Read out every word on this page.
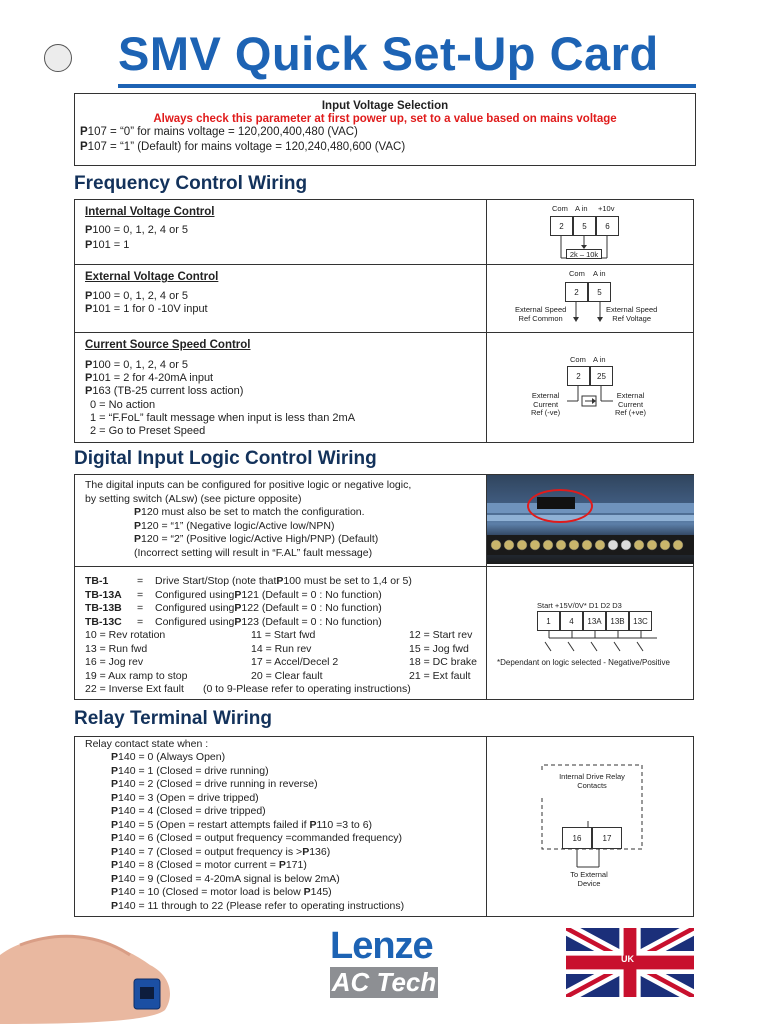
SMV Quick Set-Up Card
Input Voltage Selection
Always check this parameter at first power up, set to a value based on mains voltage
P107 = “0” for mains voltage = 120,200,400,480 (VAC)
P107 = “1” (Default) for mains voltage = 120,240,480,600 (VAC)
Frequency Control Wiring
Internal Voltage Control
P100 = 0, 1, 2, 4 or 5
P101 = 1
External Voltage Control
P100 = 0, 1, 2, 4 or 5
P101 = 1 for 0 -10V input
Current Source Speed Control
P100 = 0, 1, 2, 4 or 5
P101 = 2 for 4-20mA input
P163 (TB-25 current loss action)
0 = No action
1 = “F.FoL” fault message when input is less than 2mA
2 = Go to Preset Speed
Com A in +10v
2	5	6
2k – 10k
Com A in
2	5
External Speed
Ref Common
External Speed
Ref Voltage
Com A in
2	25
External
Current
Ref (-ve)
External
Current
Ref (+ve)
Digital Input Logic Control Wiring
The digital inputs can be configured for positive logic or negative logic,
by setting switch (ALsw) (see picture opposite)
P120 must also be set to match the configuration.
P120 = “1” (Negative logic/Active low/NPN)
P120 = “2” (Positive logic/Active High/PNP) (Default)
(Incorrect setting will result in “F.AL” fault message)
TB-1	=	Drive Start/Stop (note that P 100 must be set to 1,4 or 5)
TB-13A	=	Configured using P 121 (Default = 0 : No function)
TB-13B	=	Configured using P 122 (Default = 0 : No function)
TB-13C	=	Configured using P 123 (Default = 0 : No function)
10 = Rev rotation	11 = Start fwd	12 = Start rev
13 = Run fwd	14 = Run rev	15 = Jog fwd
16 = Jog rev	17 = Accel/Decel 2	18 = DC brake
19 = Aux ramp to stop	20 = Clear fault	21 = Ext fault
22 = Inverse Ext fault	(0 to 9-Please refer to operating instructions)
Start +15V/0V* D1 D2 D3
1	4	13A	13B	13C
*Dependant on logic selected - Negative/Positive
Relay Terminal Wiring
Relay contact state when :
P140 = 0 (Always Open)
P140 = 1 (Closed = drive running)
P140 = 2 (Closed = drive running in reverse)
P140 = 3 (Open = drive tripped)
P140 = 4 (Closed = drive tripped)
P140 = 5 (Open = restart attempts failed if P110 =3 to 6)
P140 = 6 (Closed = output frequency =commanded frequency)
P140 = 7 (Closed = output frequency is >P136)
P140 = 8 (Closed = motor current = P171)
P140 = 9 (Closed = 4-20mA signal is below 2mA)
P140 = 10 (Closed = motor load is below P145)
P140 = 11 through to 22 (Please refer to operating instructions)
Internal Drive Relay
Contacts
16	17
To External
Device
Lenze
AC Tech
UK
